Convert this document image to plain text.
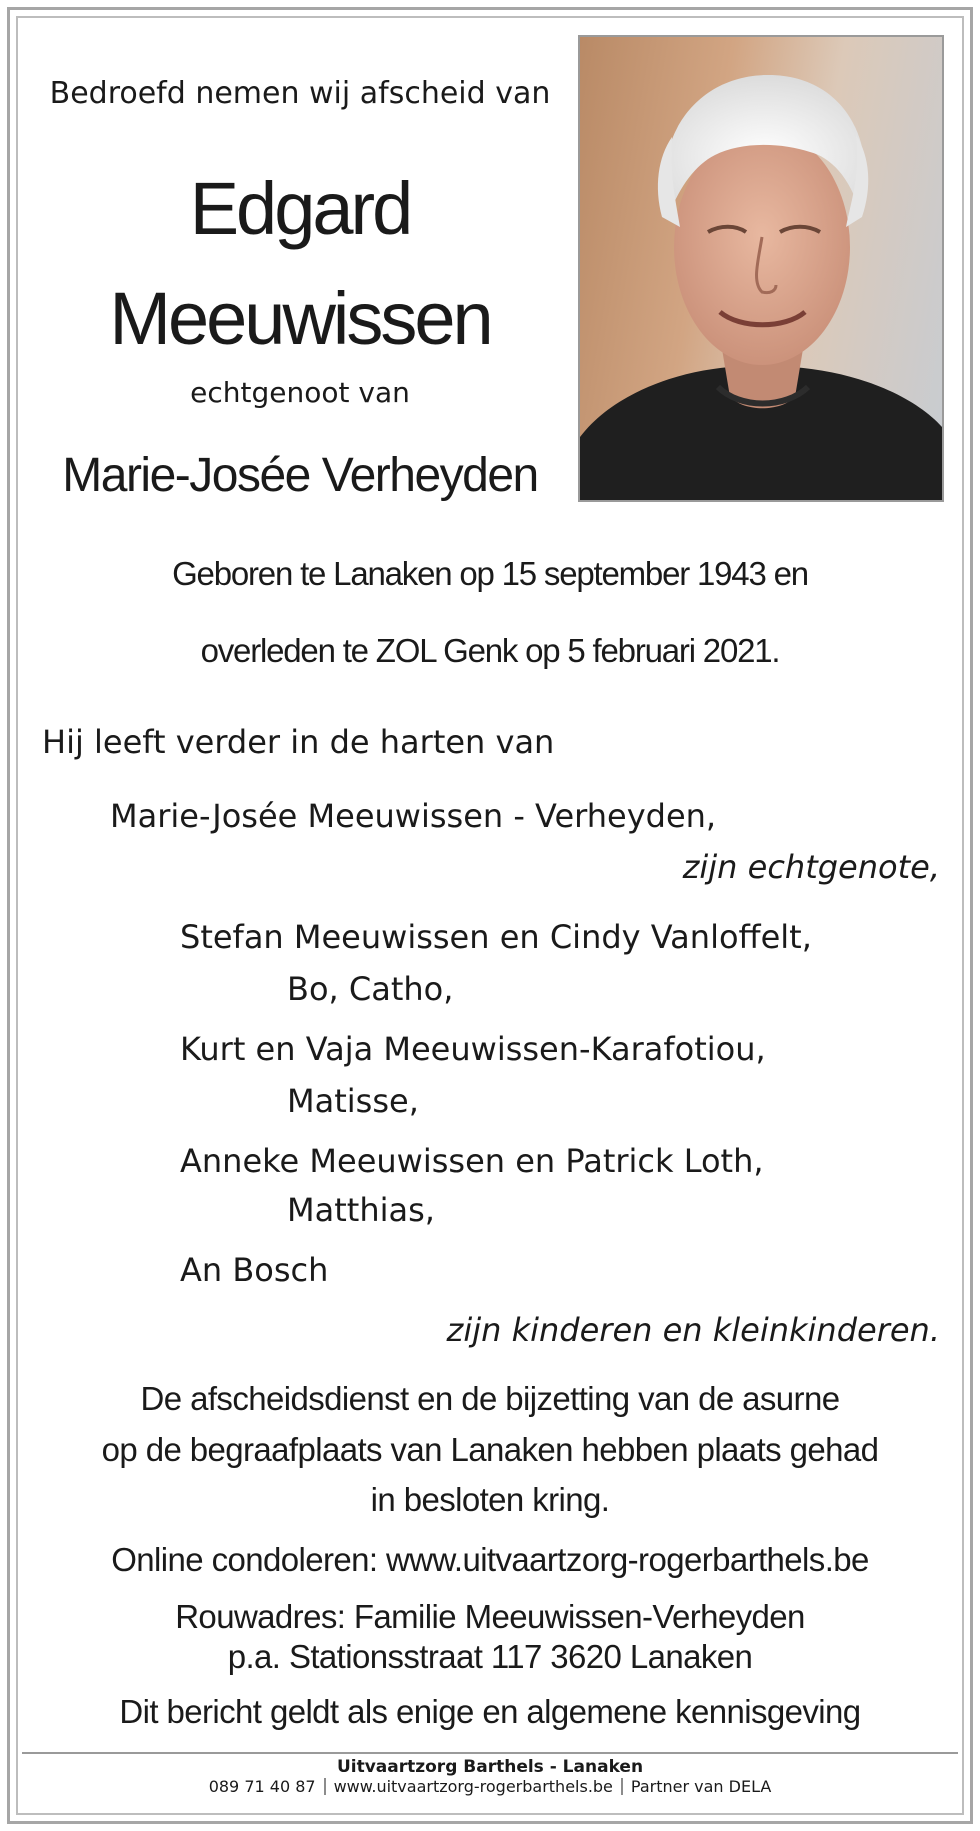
Bedroefd nemen wij afscheid van

Edgard

Meeuwissen

echtgenoot van

Marie-Josée Verheyden

Geboren te Lanaken op 15 september 1943 en

overleden te ZOL Genk op 5 februari 2021.

Hij leeft verder in de harten van

Marie-Josée Meeuwissen - Verheyden,

zijn echtgenote,

Stefan Meeuwissen en Cindy Vanloffelt,

Bo, Catho,

Kurt en Vaja Meeuwissen-Karafotiou,

Matisse,

Anneke Meeuwissen en Patrick Loth,

Matthias,

An Bosch

zijn kinderen en kleinkinderen.

De afscheidsdienst en de bijzetting van de asurne

op de begraafplaats van Lanaken hebben plaats gehad

in besloten kring.

Online condoleren: www.uitvaartzorg-rogerbarthels.be

Rouwadres: Familie Meeuwissen-Verheyden

p.a. Stationsstraat 117 3620 Lanaken

Dit bericht geldt als enige en algemene kennisgeving

Uitvaartzorg Barthels - Lanaken

089 71 40 87 www.uitvaartzorg-rogerbarthels.be Partner van DELA
